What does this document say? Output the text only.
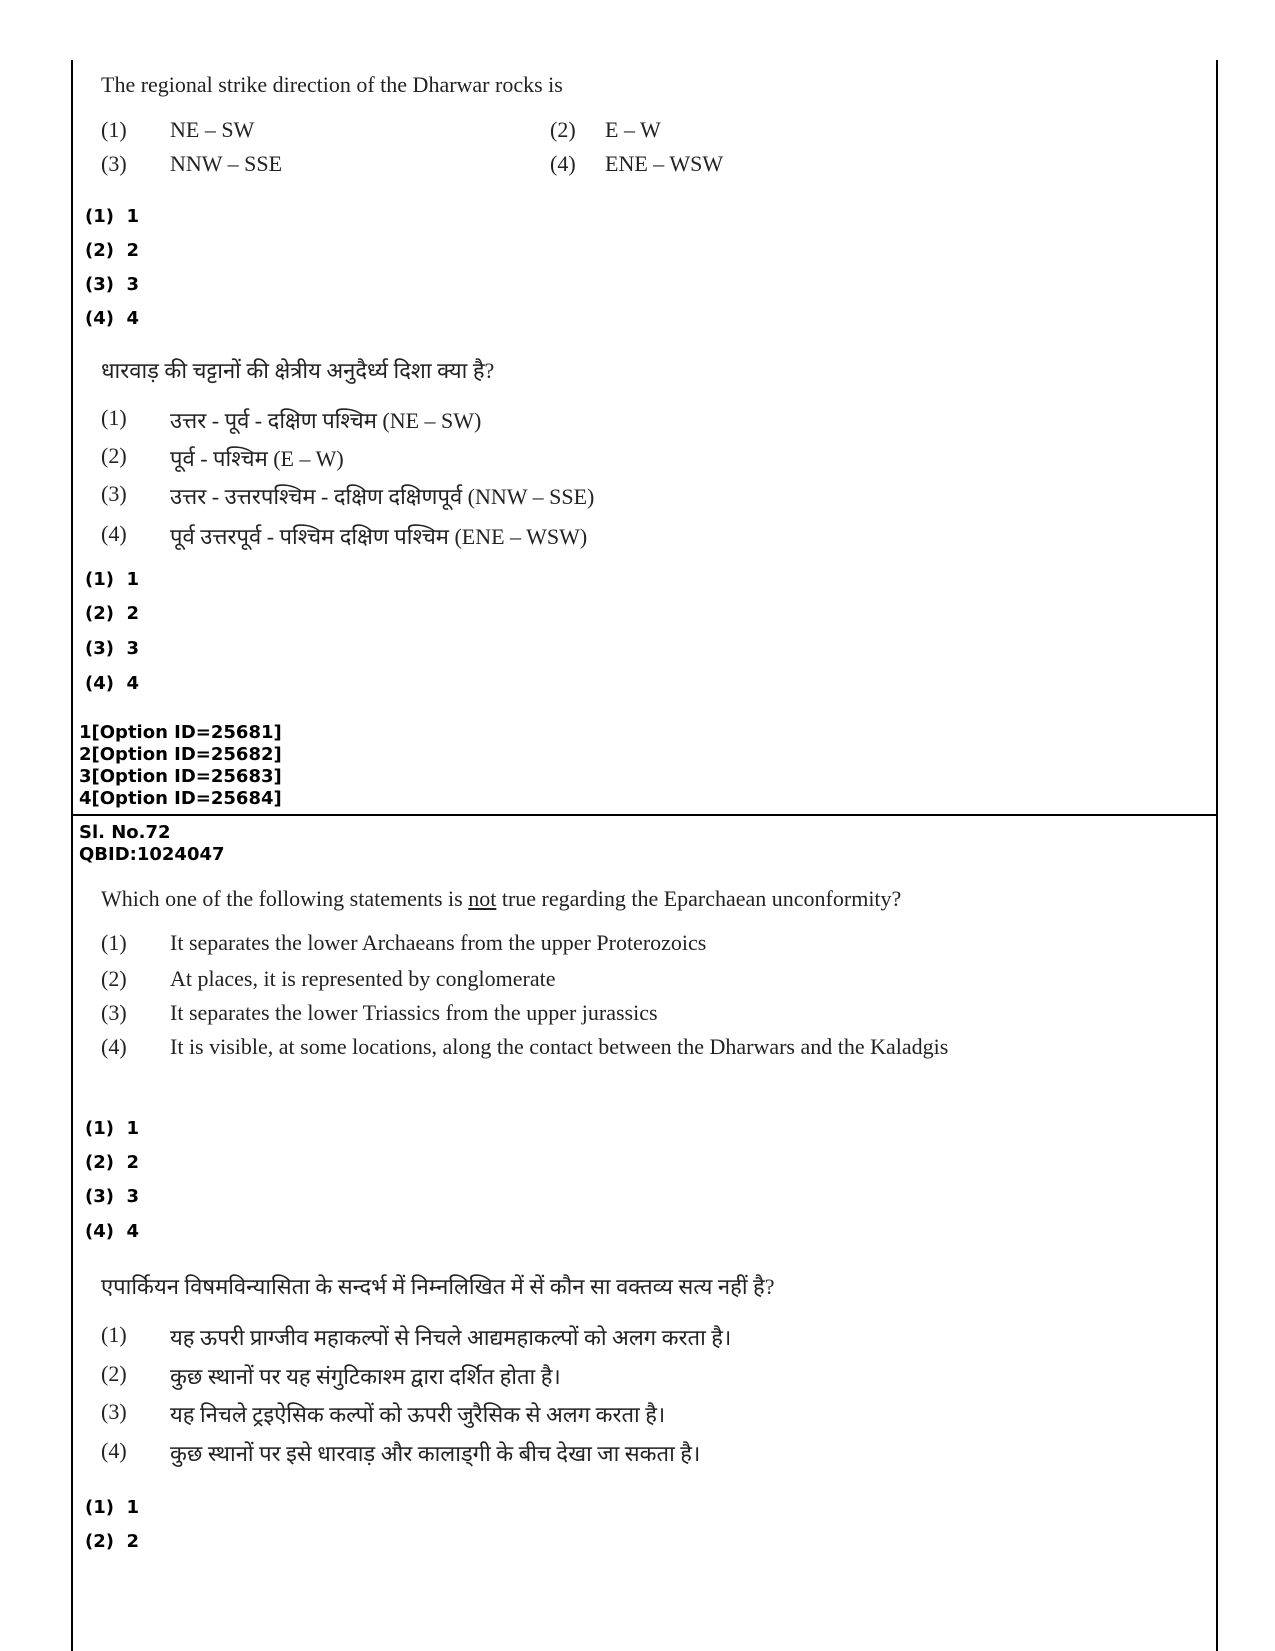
The regional strike direction of the Dharwar rocks is
(1) NE – SW	(2) E – W
(3) NNW – SSE	(4) ENE – WSW
(1)  1
(2)  2
(3)  3
(4)  4
धारवाड़ की चट्टानों की क्षेत्रीय अनुदैर्ध्य दिशा क्या है?
(1) उत्तर - पूर्व - दक्षिण पश्चिम (NE – SW)
(2) पूर्व - पश्चिम (E – W)
(3) उत्तर - उत्तरपश्चिम - दक्षिण दक्षिणपूर्व (NNW – SSE)
(4) पूर्व उत्तरपूर्व - पश्चिम दक्षिण पश्चिम (ENE – WSW)
(1)  1
(2)  2
(3)  3
(4)  4
1[Option ID=25681]
2[Option ID=25682]
3[Option ID=25683]
4[Option ID=25684]
Sl. No.72
QBID:1024047
Which one of the following statements is not true regarding the Eparchaean unconformity?
(1) It separates the lower Archaeans from the upper Proterozoics
(2) At places, it is represented by conglomerate
(3) It separates the lower Triassics from the upper jurassics
(4) It is visible, at some locations, along the contact between the Dharwars and the Kaladgis
(1)  1
(2)  2
(3)  3
(4)  4
एपार्कियन विषमविन्यासिता के सन्दर्भ में निम्नलिखित में सें कौन सा वक्तव्य सत्य नहीं है?
(1) यह ऊपरी प्राग्जीव महाकल्पों से निचले आद्यमहाकल्पों को अलग करता है।
(2) कुछ स्थानों पर यह संगुटिकाश्म द्वारा दर्शित होता है।
(3) यह निचले ट्रइऐसिक कल्पों को ऊपरी जुरैसिक से अलग करता है।
(4) कुछ स्थानों पर इसे धारवाड़ और कालाड्गी के बीच देखा जा सकता है।
(1)  1
(2)  2
